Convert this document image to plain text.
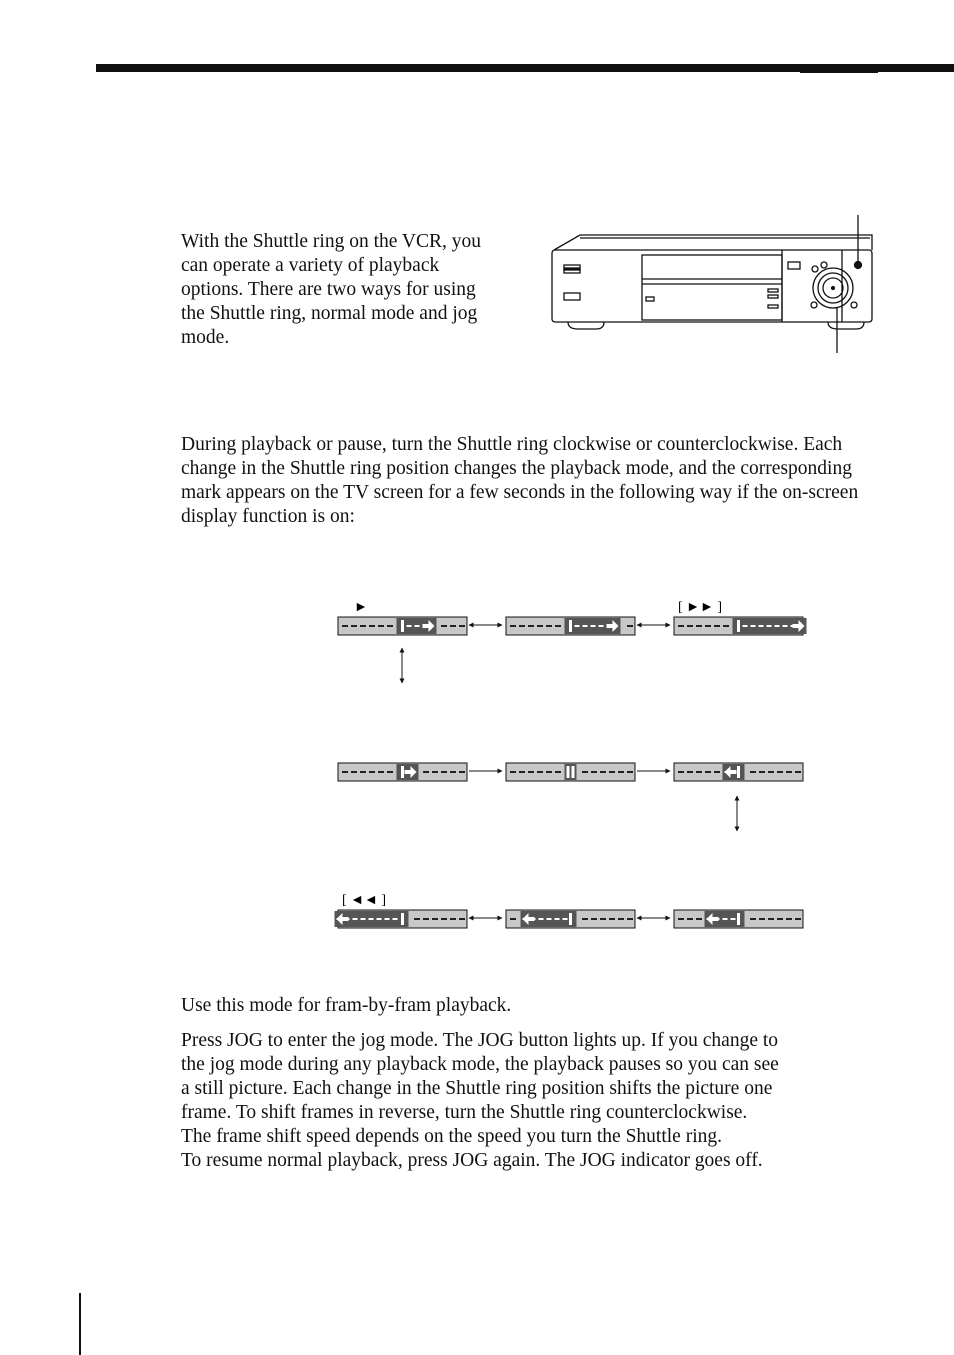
With the Shuttle ring on the VCR, you can operate a variety of playback options. There are two ways for using the Shuttle ring, normal mode and jog mode.

During playback or pause, turn the Shuttle ring clockwise or counterclockwise. Each change in the Shuttle ring position changes the playback mode, and the corresponding mark appears on the TV screen for a few seconds in the following way if the on-screen display function is on:

►	[ ►► ]
[ ◄◄ ]

Use this mode for fram-by-fram playback.

Press JOG to enter the jog mode. The JOG button lights up. If you change to
the jog mode during any playback mode, the playback pauses so you can see
a still picture. Each change in the Shuttle ring position shifts the picture one
frame. To shift frames in reverse, turn the Shuttle ring counterclockwise.
The frame shift speed depends on the speed you turn the Shuttle ring.
To resume normal playback, press JOG again. The JOG indicator goes off.
